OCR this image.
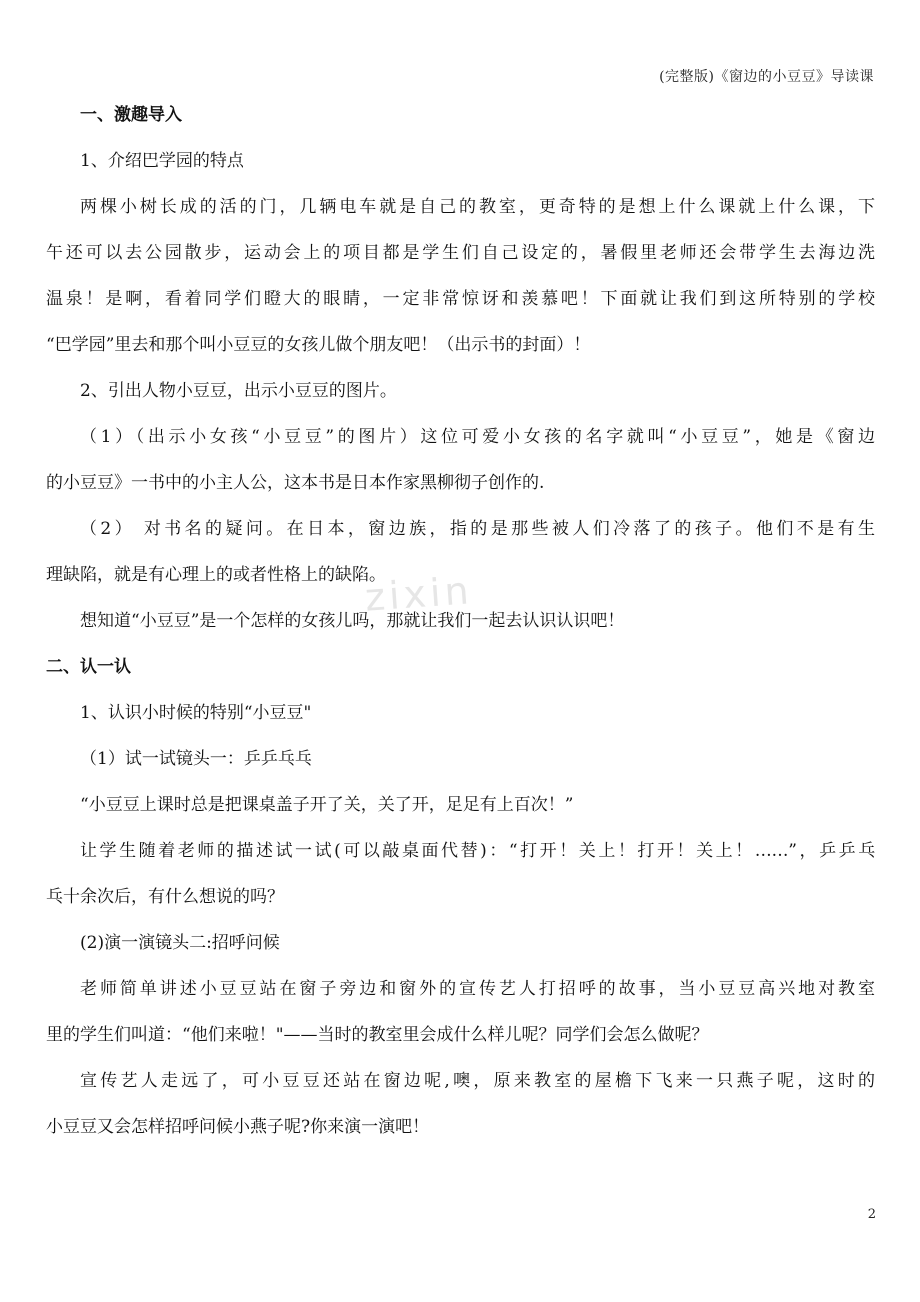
(完整版)《窗边的小豆豆》导读课
zixin
一、激趣导入
1、介绍巴学园的特点
两棵小树长成的活的门，几辆电车就是自己的教室，更奇特的是想上什么课就上什么课，下
午还可以去公园散步，运动会上的项目都是学生们自己设定的，暑假里老师还会带学生去海边洗
温泉！是啊，看着同学们瞪大的眼睛，一定非常惊讶和羡慕吧！下面就让我们到这所特别的学校
“巴学园”里去和那个叫小豆豆的女孩儿做个朋友吧！（出示书的封面）！
2、引出人物小豆豆，出示小豆豆的图片。
（1）（出示小女孩“小豆豆”的图片）这位可爱小女孩的名字就叫“小豆豆”，她是《窗边
的小豆豆》一书中的小主人公，这本书是日本作家黑柳彻子创作的.
（2） 对书名的疑问。在日本，窗边族，指的是那些被人们冷落了的孩子。他们不是有生
理缺陷，就是有心理上的或者性格上的缺陷。
想知道“小豆豆”是一个怎样的女孩儿吗，那就让我们一起去认识认识吧！
二、认一认
1、认识小时候的特别“小豆豆"
（1）试一试镜头一：乒乒乓乓
“小豆豆上课时总是把课桌盖子开了关，关了开，足足有上百次！”
让学生随着老师的描述试一试(可以敲桌面代替)：“打开！关上！打开！关上！……”，乒乒乓
乓十余次后，有什么想说的吗？
(2)演一演镜头二:招呼问候
老师简单讲述小豆豆站在窗子旁边和窗外的宣传艺人打招呼的故事，当小豆豆高兴地对教室
里的学生们叫道：“他们来啦！"——当时的教室里会成什么样儿呢？同学们会怎么做呢？
宣传艺人走远了，可小豆豆还站在窗边呢,噢，原来教室的屋檐下飞来一只燕子呢，这时的
小豆豆又会怎样招呼问候小燕子呢?你来演一演吧！
2
